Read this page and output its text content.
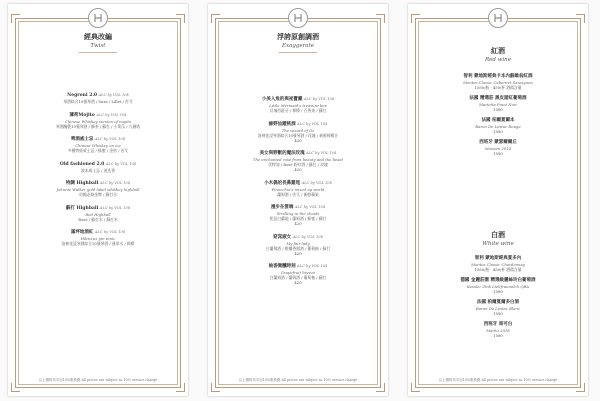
經典改編
Twist
Negroni 2.0 ALC by VOL 10$
琴酒綜合10號琴酒 / Suze / Lillet / 苦艾
薄荷Mojito ALC by VOL 10$
Chinese Whiskey version of mojito
琴酒醃製10號琴酒 / 綠茶 / 蘇打 / 小黃瓜 / 九層塔
啤酒威士忌 ALC by VOL 10$
Chinese Whiskey on ice
多種特級威士忌 / 蜂蜜 / 金桔 / 苦艾
Old fashioned 2.0 ALC by VOL 10$
波本威士忌 / 迷迭香
特調 Highball ALC by VOL 10$
Johnnie Walker gold label whiskey highball
約翰走路金牌 / 蘇打水
蘇打 Highball ALC by VOL 10$
Red Highball
Rosé / 蘇打水 / 蘇打水
滿坪地酒紅 ALC by VOL 10$
Hibiscus gin tonic
洛神花浸琴酒綜合10號琴酒 / 通寧水 / 檸檬
以上價格均另加10%服務費 All prices are subject to 10% service charge
浮誇原創調酒
Exaggerate
小美人魚的與祕寶藏 ALC by VOL 10$
Little Mermaid's treasure box
貝瑞西班牙 / 檸檬 / 百香果 / 蘇打
綠野仙蹤桃酒 ALC by VOL 10$
The wizard of Oz
洛神花浸琴酒綜合10號琴酒 / 玫瑰 / 新鮮檸檬汁
420
美女與野獸的魔法玫瑰 ALC by VOL 10$
The enchanted rose from beauty and the beast
伏特加 / Rosé 粉紅酒 / 蘇打 / 玫瑰
420
小木偶的長鼻雞尾 ALC by VOL 10$
Pinocchio's mixed up world
蘭姆酒 / 苦艾 / 新鮮蘋果
漫步在雲端 ALC by VOL 10$
Strolling in the clouds
乾邑白蘭地 / 蘭姆酒 / 蜂蜜 / 蘇打
420
窈窕淑女 ALC by VOL 10$
My fair lady
白蘭姆酒 / 柑橘香甜酒 / 葡萄柚 / 蘇打
420
柚香微醺時刻 ALC by VOL 10$
Grapefruit breeze
白蘭姆酒 / 蘭姆酒 / 葡萄柚 / 蘇打
420
以上價格均另加10%服務費 All prices are subject to 10% service charge
紅酒
Red wine
智利 蒙地斯經典卡本內蘇維翁紅酒
Montes Classic Cabernet Sauvignon
1580/瓶 · 450/杯 酒精含量
法國 精選莊 黑皮諾紅葡萄酒
Marietta Pinot Noir
1580
法國 柏爾夏爾本
Baron De Lestac Rouge
1580
西班牙 蒙瑟爾爾丘
Monsen 2014
1580
白酒
White wine
智利 蒙地斯經典夏多內
Montes Classic Chardonnay
1580/瓶 · 450/杯 酒精含量
德國 金麗莊園 精選級麗絲玲白葡萄酒
Kessler Zink Liebfraumilch QBA
1580
法國 柏爾夏爾多白酒
Baron De Lestac Blanc
1580
西班牙 馬可白
Marko 2018
1580
以上價格均另加10%服務費 All prices are subject to 10% service charge
